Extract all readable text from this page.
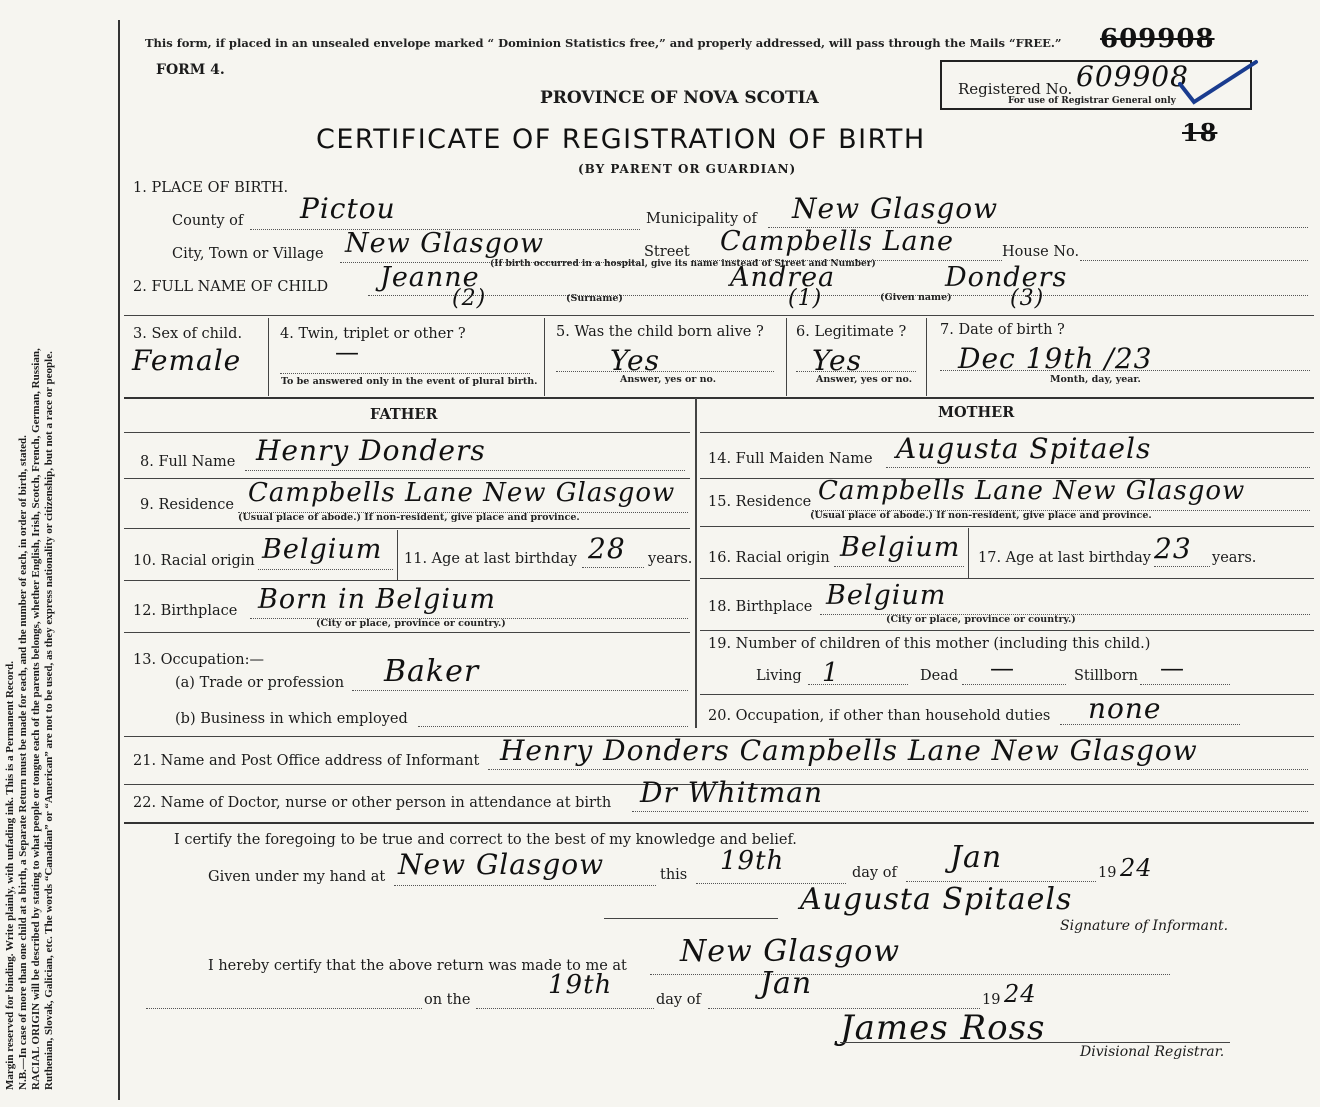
Margin reserved for binding. Write plainly, with unfading ink. This is a Permanent Record. N.B.—In case of more than one child at a birth, a Separate Return must be made for each, and the number of each, in order of birth, stated. RACIAL ORIGIN will be described by stating to what people or tongue each of the parents belongs, whether English, Irish, Scotch, French, German, Russian, Ruthenian, Slovak, Galician, etc. The words “Canadian” or “American” are not to be used, as they express nationality or citizenship, but not a race or people.
This form, if placed in an unsealed envelope marked “ Dominion Statistics free,” and properly addressed, will pass through the Mails “FREE.” 609908
FORM 4.
PROVINCE OF NOVA SCOTIA	Registered No. 609908
For use of Registrar General only
18
CERTIFICATE OF REGISTRATION OF BIRTH
(BY PARENT OR GUARDIAN)
1. PLACE OF BIRTH.
County of Pictou	Municipality of New Glasgow
City, Town or Village New Glasgow	Street Campbells Lane	House No.
(If birth occurred in a hospital, give its name instead of Street and Number)
2. FULL NAME OF CHILD Jeanne	Andrea	Donders
(2)	(1)	(3)
(Surname)	(Given name)
3. Sex of child.
Female
4. Twin, triplet or other ?
—
To be answered only in the event of plural birth.
5. Was the child born alive ?
Yes
Answer, yes or no.
6. Legitimate ?
Yes
Answer, yes or no.
7. Date of birth ?
Dec 19th /23
Month, day, year.
FATHER	MOTHER
8. Full Name Henry Donders
9. Residence Campbells Lane New Glasgow
(Usual place of abode.) If non-resident, give place and province.
10. Racial origin Belgium 11. Age at last birthday 28 years.
12. Birthplace Born in Belgium
(City or place, province or country.)
13. Occupation:—
(a) Trade or profession Baker
(b) Business in which employed
14. Full Maiden Name Augusta Spitaels
15. Residence Campbells Lane New Glasgow
(Usual place of abode.) If non-resident, give place and province.
16. Racial origin Belgium 17. Age at last birthday 23 years.
18. Birthplace Belgium
(City or place, province or country.)
19. Number of children of this mother (including this child.)
Living 1	Dead —	Stillborn —
20. Occupation, if other than household duties none
21. Name and Post Office address of Informant Henry Donders Campbells Lane New Glasgow
22. Name of Doctor, nurse or other person in attendance at birth Dr Whitman
I certify the foregoing to be true and correct to the best of my knowledge and belief.
Given under my hand at New Glasgow	this 19th	day of Jan	19 24
Augusta Spitaels
Signature of Informant.
I hereby certify that the above return was made to me at New Glasgow
on the	19th	day of Jan	19 24
James Ross
Divisional Registrar.
